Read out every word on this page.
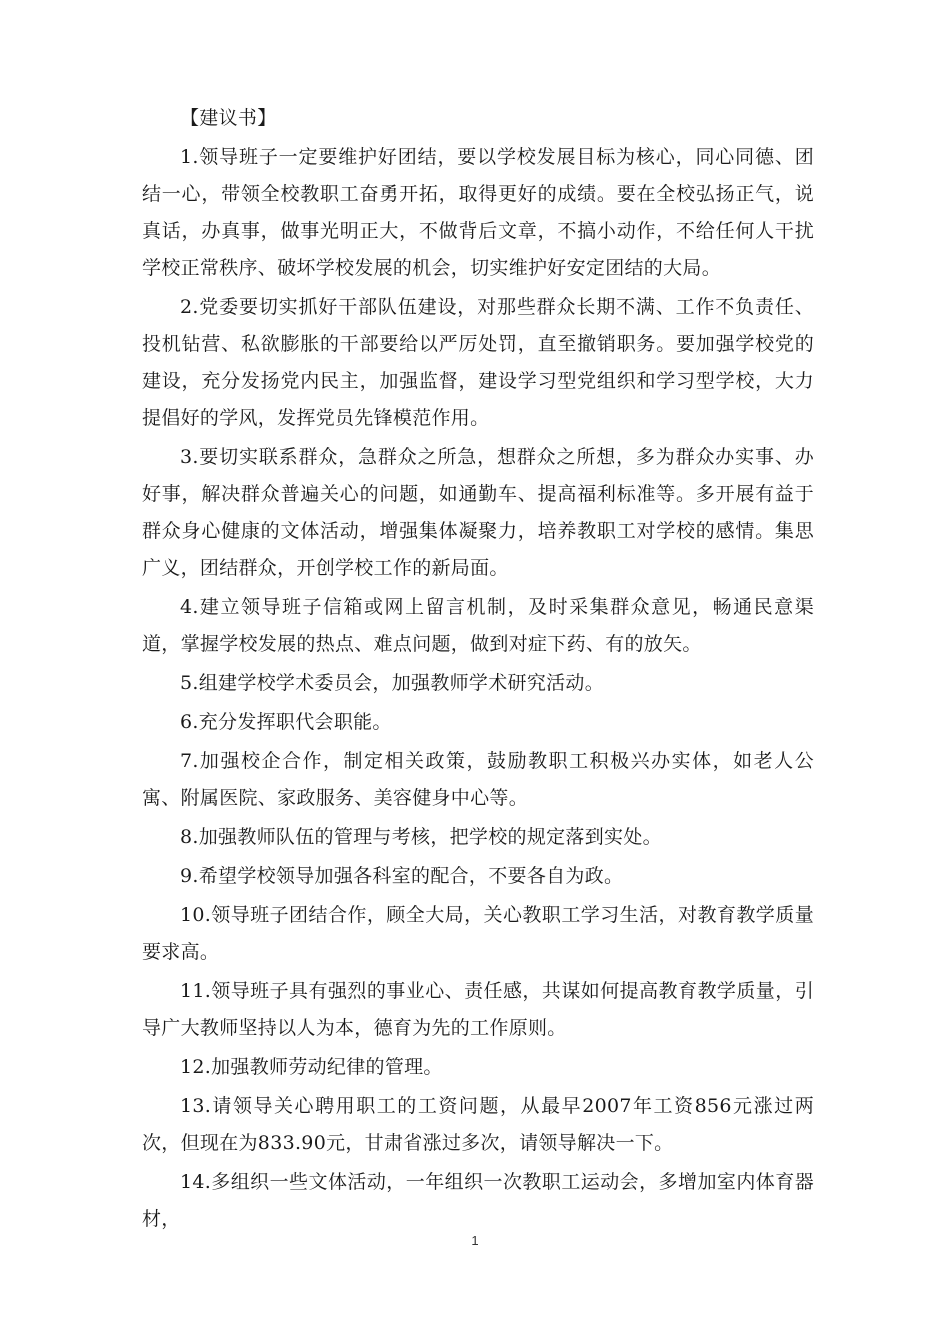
【建议书】

1.领导班子一定要维护好团结，要以学校发展目标为核心，同心同德、团结一心，带领全校教职工奋勇开拓，取得更好的成绩。要在全校弘扬正气，说真话，办真事，做事光明正大，不做背后文章，不搞小动作，不给任何人干扰学校正常秩序、破坏学校发展的机会，切实维护好安定团结的大局。

2.党委要切实抓好干部队伍建设，对那些群众长期不满、工作不负责任、投机钻营、私欲膨胀的干部要给以严厉处罚，直至撤销职务。要加强学校党的建设，充分发扬党内民主，加强监督，建设学习型党组织和学习型学校，大力提倡好的学风，发挥党员先锋模范作用。

3.要切实联系群众，急群众之所急，想群众之所想，多为群众办实事、办好事，解决群众普遍关心的问题，如通勤车、提高福利标准等。多开展有益于群众身心健康的文体活动，增强集体凝聚力，培养教职工对学校的感情。集思广义，团结群众，开创学校工作的新局面。

4.建立领导班子信箱或网上留言机制，及时采集群众意见，畅通民意渠道，掌握学校发展的热点、难点问题，做到对症下药、有的放矢。

5.组建学校学术委员会，加强教师学术研究活动。

6.充分发挥职代会职能。

7.加强校企合作，制定相关政策，鼓励教职工积极兴办实体，如老人公寓、附属医院、家政服务、美容健身中心等。

8.加强教师队伍的管理与考核，把学校的规定落到实处。

9.希望学校领导加强各科室的配合，不要各自为政。

10.领导班子团结合作，顾全大局，关心教职工学习生活，对教育教学质量要求高。

11.领导班子具有强烈的事业心、责任感，共谋如何提高教育教学质量，引导广大教师坚持以人为本，德育为先的工作原则。

12.加强教师劳动纪律的管理。

13.请领导关心聘用职工的工资问题，从最早2007年工资856元涨过两次，但现在为833.90元，甘肃省涨过多次，请领导解决一下。

14.多组织一些文体活动，一年组织一次教职工运动会，多增加室内体育器材，

1
